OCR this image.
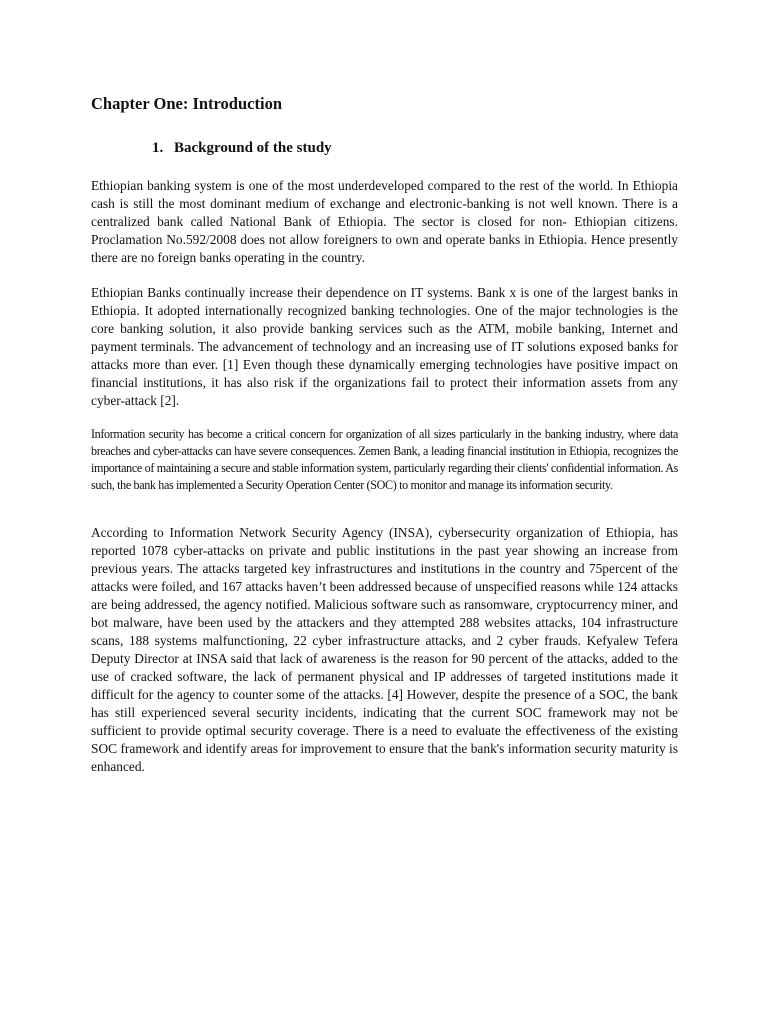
Chapter One: Introduction
1. Background of the study

Ethiopian banking system is one of the most underdeveloped compared to the rest of the world. In Ethiopia cash is still the most dominant medium of exchange and electronic-banking is not well known. There is a centralized bank called National Bank of Ethiopia. The sector is closed for non- Ethiopian citizens. Proclamation No.592/2008 does not allow foreigners to own and operate banks in Ethiopia. Hence presently there are no foreign banks operating in the country.

Ethiopian Banks continually increase their dependence on IT systems. Bank x is one of the largest banks in Ethiopia. It adopted internationally recognized banking technologies. One of the major technologies is the core banking solution, it also provide banking services such as the ATM, mobile banking, Internet and payment terminals. The advancement of technology and an increasing use of IT solutions exposed banks for attacks more than ever. [1] Even though these dynamically emerging technologies have positive impact on financial institutions, it has also risk if the organizations fail to protect their information assets from any cyber-attack [2].

Information security has become a critical concern for organization of all sizes particularly in the banking industry, where data breaches and cyber-attacks can have severe consequences. Zemen Bank, a leading financial institution in Ethiopia, recognizes the importance of maintaining a secure and stable information system, particularly regarding their clients' confidential information. As such, the bank has implemented a Security Operation Center (SOC) to monitor and manage its information security.

According to Information Network Security Agency (INSA), cybersecurity organization of Ethiopia, has reported 1078 cyber-attacks on private and public institutions in the past year showing an increase from previous years. The attacks targeted key infrastructures and institutions in the country and 75percent of the attacks were foiled, and 167 attacks haven’t been addressed because of unspecified reasons while 124 attacks are being addressed, the agency notified. Malicious software such as ransomware, cryptocurrency miner, and bot malware, have been used by the attackers and they attempted 288 websites attacks, 104 infrastructure scans, 188 systems malfunctioning, 22 cyber infrastructure attacks, and 2 cyber frauds. Kefyalew Tefera Deputy Director at INSA said that lack of awareness is the reason for 90 percent of the attacks, added to the use of cracked software, the lack of permanent physical and IP addresses of targeted institutions made it difficult for the agency to counter some of the attacks. [4] However, despite the presence of a SOC, the bank has still experienced several security incidents, indicating that the current SOC framework may not be sufficient to provide optimal security coverage. There is a need to evaluate the effectiveness of the existing SOC framework and identify areas for improvement to ensure that the bank's information security maturity is enhanced.
